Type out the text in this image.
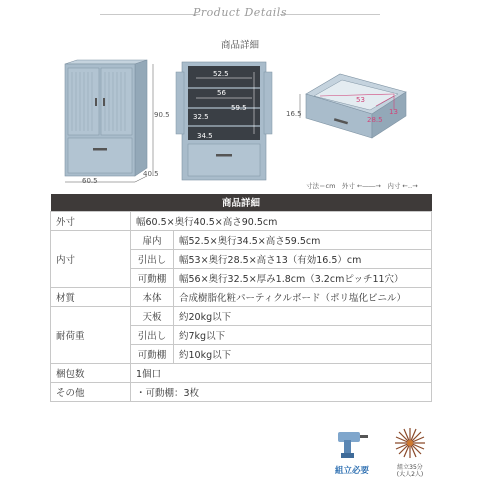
Product Details
商品詳細
90.5
60.5
40.5
52.5
56
59.5
32.5
34.5
53
28.5
13
16.5
寸法＝cm　外寸 ←――→　内寸 ←‥→
商品詳細		
外寸	幅60.5×奥行40.5×高さ90.5cm	
内寸	扉内	幅52.5×奥行34.5×高さ59.5cm
	引出し	幅53×奥行28.5×高さ13（有効16.5）cm
	可動棚	幅56×奥行32.5×厚み1.8cm（3.2cmピッチ11穴）
材質	本体	合成樹脂化粧パーティクルボード（ポリ塩化ビニル）
耐荷重	天板	約20kg以下
	引出し	約7kg以下
	可動棚	約10kg以下
梱包数	1個口	
その他	・可動棚：3枚	
組立必要	組立35分
(大人2人)
